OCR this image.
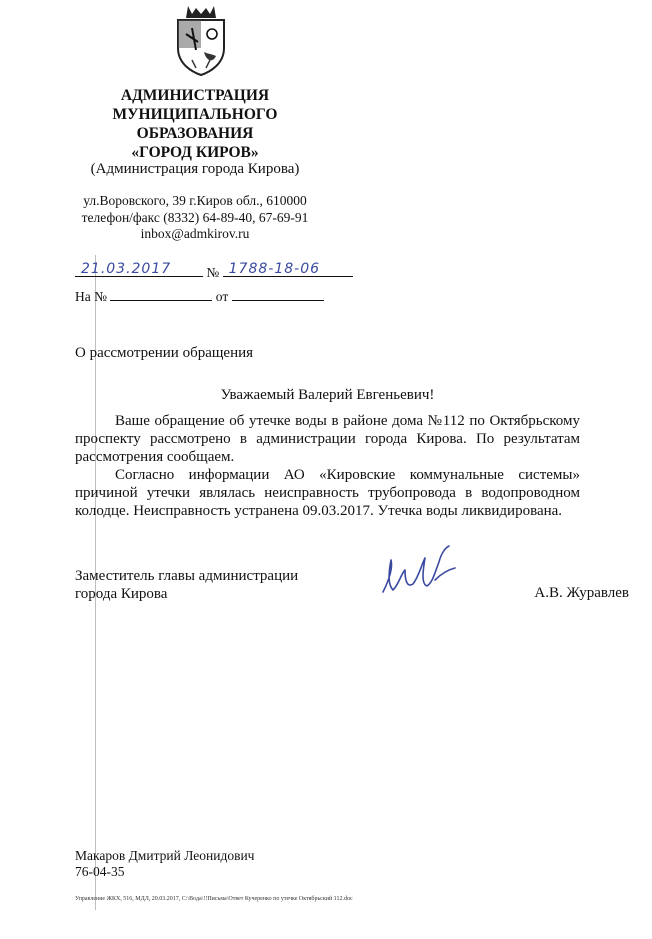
АДМИНИСТРАЦИЯ
МУНИЦИПАЛЬНОГО
ОБРАЗОВАНИЯ
«ГОРОД КИРОВ»
(Администрация города Кирова)
ул.Воровского, 39 г.Киров обл., 610000
телефон/факс (8332) 64-89-40, 67-69-91
inbox@admkirov.ru
21.03.2017	№ 1788-18-06
На №	от
О рассмотрении обращения
Уважаемый Валерий Евгеньевич!

Ваше обращение об утечке воды в районе дома №112 по Октябрьскому проспекту рассмотрено в администрации города Кирова. По результатам рассмотрения сообщаем.

Согласно информации АО «Кировские коммунальные системы» причиной утечки являлась неисправность трубопровода в водопроводном колодце. Неисправность устранена 09.03.2017. Утечка воды ликвидирована.

Заместитель главы администрации
города Кирова	А.В. Журавлев
Макаров Дмитрий Леонидович
76-04-35
Управление ЖКХ, 516, МДЛ, 20.03.2017, C:\Вода\!!Письма\Ответ Кучеренко по утечке Октябрьский 112.doc
